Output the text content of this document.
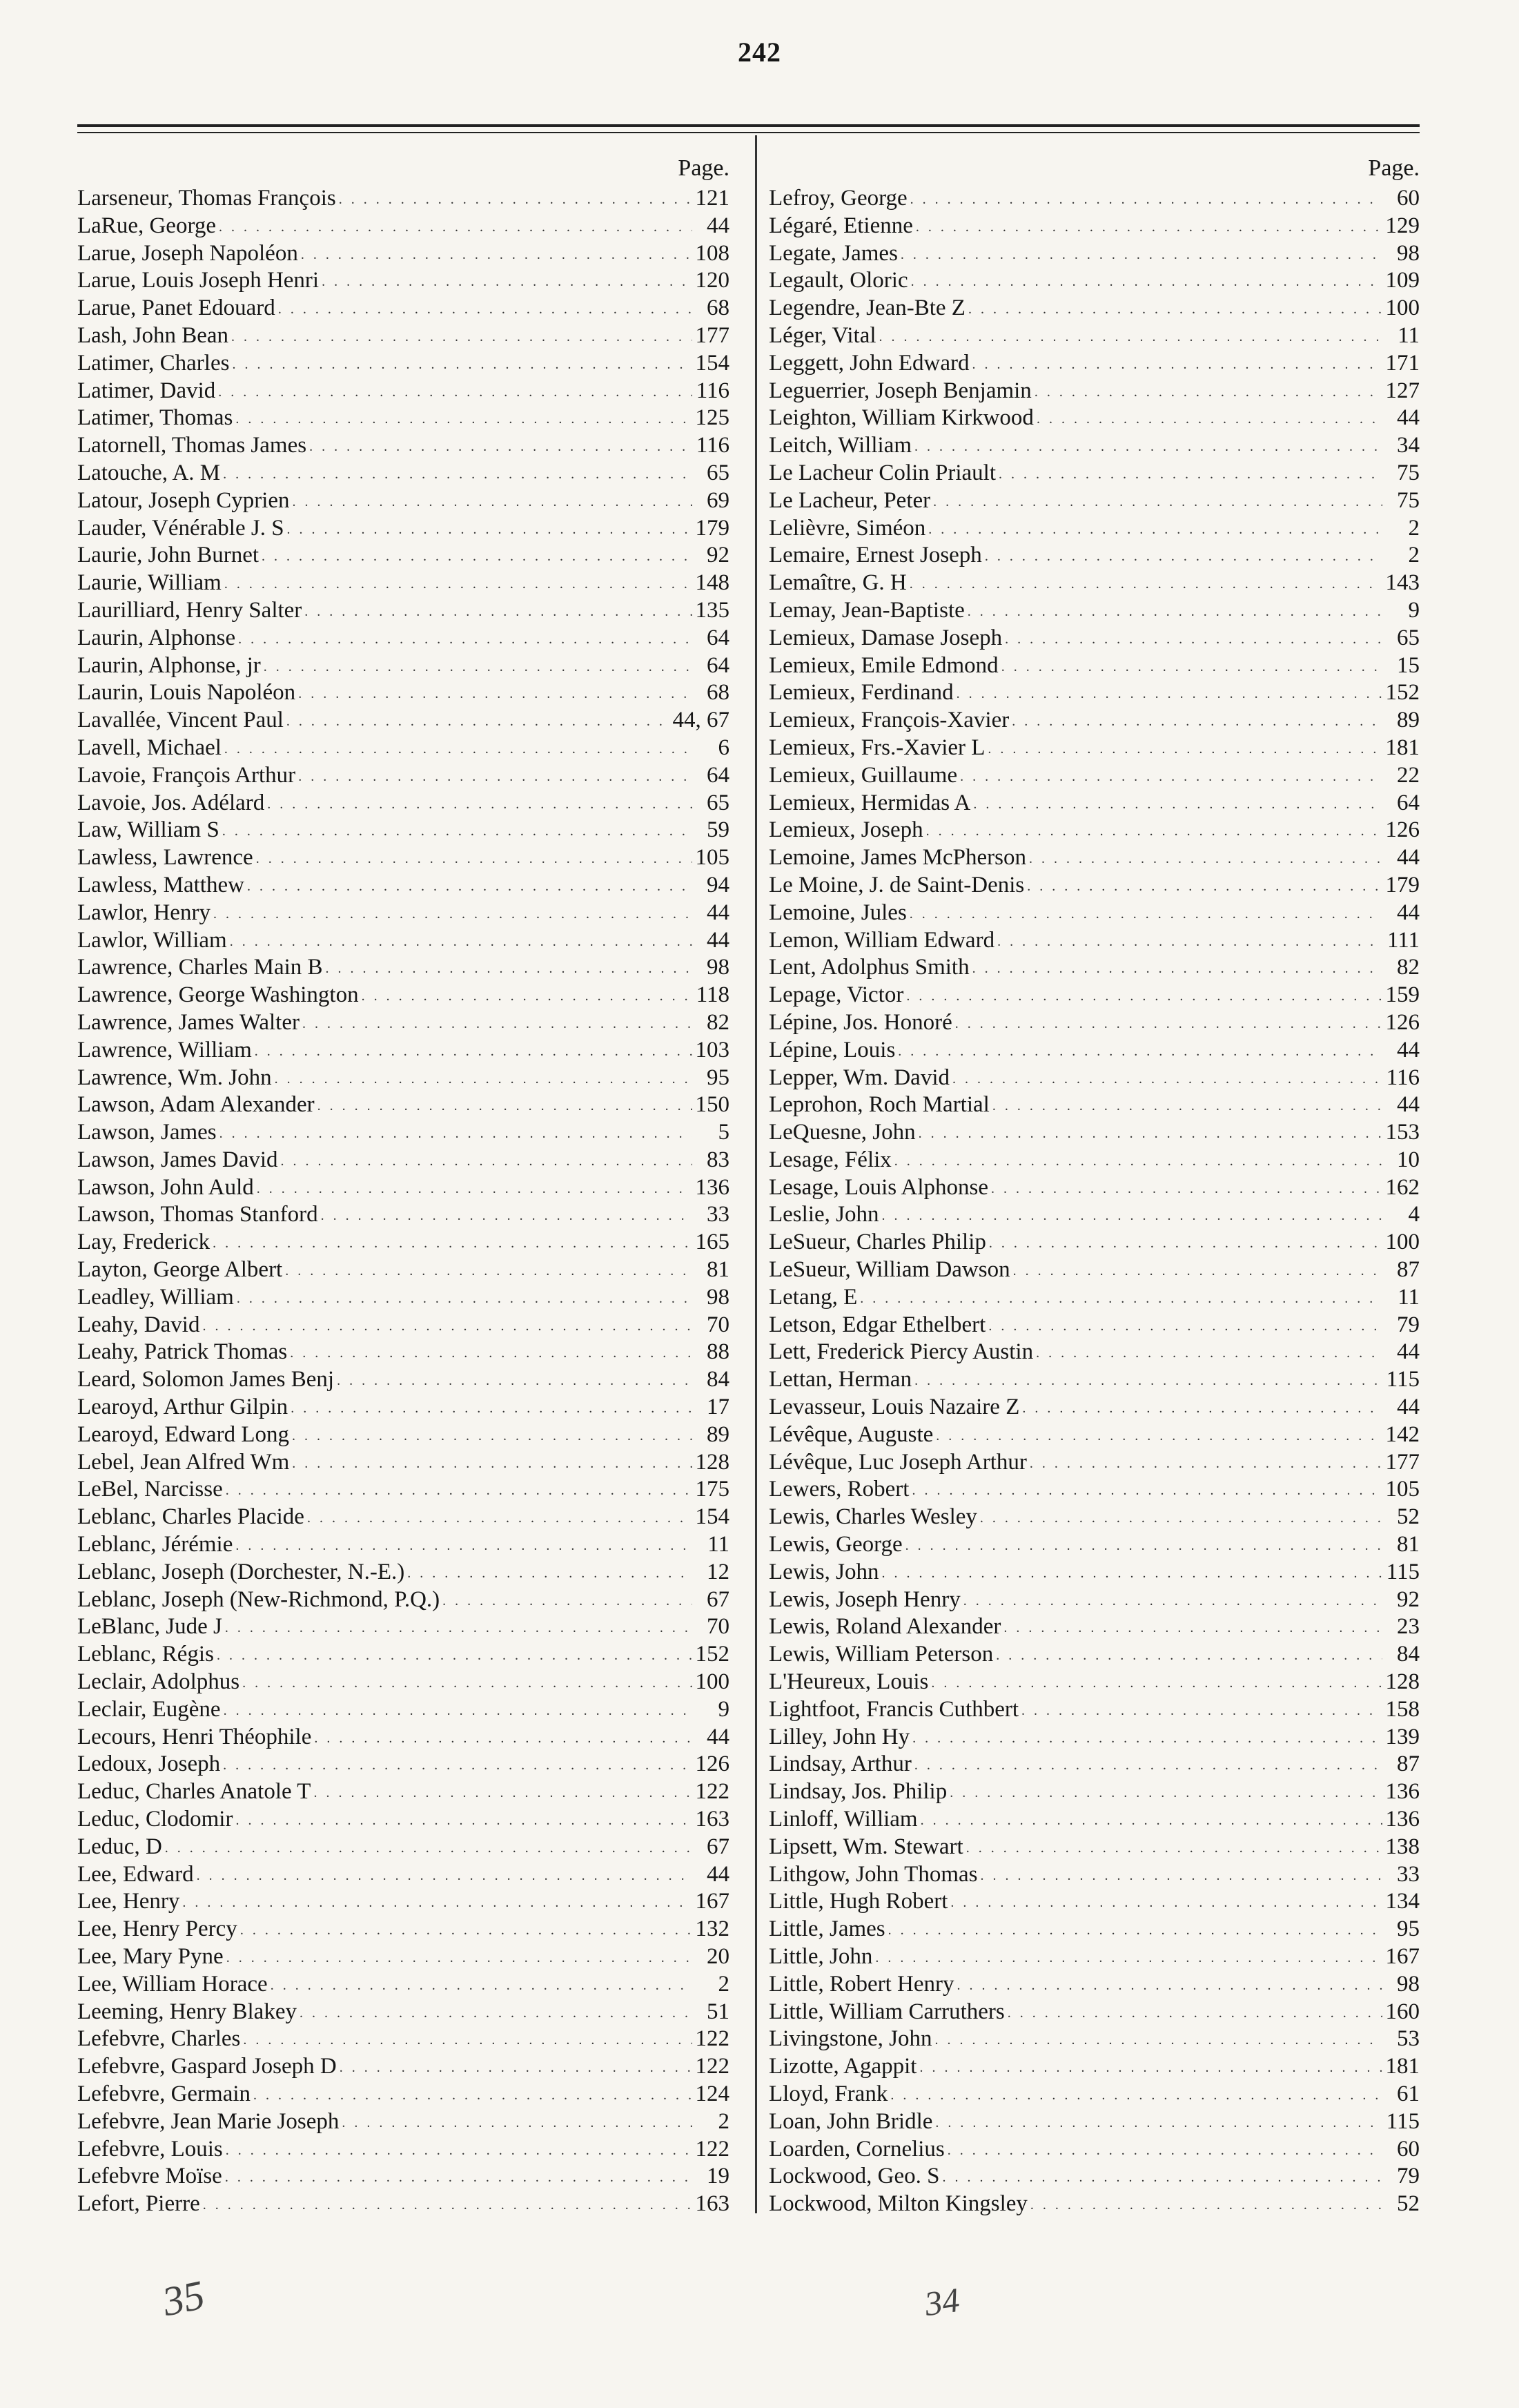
242
Page.
Larseneur, Thomas François . . .	121
LaRue, George . . .	44
Larue, Joseph Napoléon . . .	108
Larue, Louis Joseph Henri . . .	120
Larue, Panet Edouard . . .	68
Lash, John Bean . . .	177
Latimer, Charles . . .	154
Latimer, David . . .	116
Latimer, Thomas . . .	125
Latornell, Thomas James . . .	116
Latouche, A. M . . .	65
Latour, Joseph Cyprien . . .	69
Lauder, Vénérable J. S . . .	179
Laurie, John Burnet . . .	92
Laurie, William . . .	148
Laurilliard, Henry Salter . . .	135
Laurin, Alphonse . . .	64
Laurin, Alphonse, jr . . .	64
Laurin, Louis Napoléon . . .	68
Lavallée, Vincent Paul . . .	44, 67
Lavell, Michael . . .	6
Lavoie, François Arthur . . .	64
Lavoie, Jos. Adélard . . .	65
Law, William S . . .	59
Lawless, Lawrence . . .	105
Lawless, Matthew . . .	94
Lawlor, Henry . . .	44
Lawlor, William . . .	44
Lawrence, Charles Main B . . .	98
Lawrence, George Washington . . .	118
Lawrence, James Walter . . .	82
Lawrence, William . . .	103
Lawrence, Wm. John . . .	95
Lawson, Adam Alexander . . .	150
Lawson, James . . .	5
Lawson, James David . . .	83
Lawson, John Auld . . .	136
Lawson, Thomas Stanford . . .	33
Lay, Frederick . . .	165
Layton, George Albert . . .	81
Leadley, William . . .	98
Leahy, David . . .	70
Leahy, Patrick Thomas . . .	88
Leard, Solomon James Benj . . .	84
Learoyd, Arthur Gilpin . . .	17
Learoyd, Edward Long . . .	89
Lebel, Jean Alfred Wm . . .	128
LeBel, Narcisse . . .	175
Leblanc, Charles Placide . . .	154
Leblanc, Jérémie . . .	11
Leblanc, Joseph (Dorchester, N.-E.) . . .	12
Leblanc, Joseph (New-Richmond, P.Q.) . . .	67
LeBlanc, Jude J . . .	70
Leblanc, Régis . . .	152
Leclair, Adolphus . . .	100
Leclair, Eugène . . .	9
Lecours, Henri Théophile . . .	44
Ledoux, Joseph . . .	126
Leduc, Charles Anatole T . . .	122
Leduc, Clodomir . . .	163
Leduc, D . . .	67
Lee, Edward . . .	44
Lee, Henry . . .	167
Lee, Henry Percy . . .	132
Lee, Mary Pyne . . .	20
Lee, William Horace . . .	2
Leeming, Henry Blakey . . .	51
Lefebvre, Charles . . .	122
Lefebvre, Gaspard Joseph D . . .	122
Lefebvre, Germain . . .	124
Lefebvre, Jean Marie Joseph . . .	2
Lefebvre, Louis . . .	122
Lefebvre Moïse . . .	19
Lefort, Pierre . . .	163
Page.
Lefroy, George . . .	60
Légaré, Etienne . . .	129
Legate, James . . .	98
Legault, Oloric . . .	109
Legendre, Jean-Bte Z . . .	100
Léger, Vital . . .	11
Leggett, John Edward . . .	171
Leguerrier, Joseph Benjamin . . .	127
Leighton, William Kirkwood . . .	44
Leitch, William . . .	34
Le Lacheur Colin Priault . . .	75
Le Lacheur, Peter . . .	75
Lelièvre, Siméon . . .	2
Lemaire, Ernest Joseph . . .	2
Lemaître, G. H . . .	143
Lemay, Jean-Baptiste . . .	9
Lemieux, Damase Joseph . . .	65
Lemieux, Emile Edmond . . .	15
Lemieux, Ferdinand . . .	152
Lemieux, François-Xavier . . .	89
Lemieux, Frs.-Xavier L . . .	181
Lemieux, Guillaume . . .	22
Lemieux, Hermidas A . . .	64
Lemieux, Joseph . . .	126
Lemoine, James McPherson . . .	44
Le Moine, J. de Saint-Denis . . .	179
Lemoine, Jules . . .	44
Lemon, William Edward . . .	111
Lent, Adolphus Smith . . .	82
Lepage, Victor . . .	159
Lépine, Jos. Honoré . . .	126
Lépine, Louis . . .	44
Lepper, Wm. David . . .	116
Leprohon, Roch Martial . . .	44
LeQuesne, John . . .	153
Lesage, Félix . . .	10
Lesage, Louis Alphonse . . .	162
Leslie, John . . .	4
LeSueur, Charles Philip . . .	100
LeSueur, William Dawson . . .	87
Letang, E . . .	11
Letson, Edgar Ethelbert . . .	79
Lett, Frederick Piercy Austin . . .	44
Lettan, Herman . . .	115
Levasseur, Louis Nazaire Z . . .	44
Lévêque, Auguste . . .	142
Lévêque, Luc Joseph Arthur . . .	177
Lewers, Robert . . .	105
Lewis, Charles Wesley . . .	52
Lewis, George . . .	81
Lewis, John . . .	115
Lewis, Joseph Henry . . .	92
Lewis, Roland Alexander . . .	23
Lewis, William Peterson . . .	84
L'Heureux, Louis . . .	128
Lightfoot, Francis Cuthbert . . .	158
Lilley, John Hy . . .	139
Lindsay, Arthur . . .	87
Lindsay, Jos. Philip . . .	136
Linloff, William . . .	136
Lipsett, Wm. Stewart . . .	138
Lithgow, John Thomas . . .	33
Little, Hugh Robert . . .	134
Little, James . . .	95
Little, John . . .	167
Little, Robert Henry . . .	98
Little, William Carruthers . . .	160
Livingstone, John . . .	53
Lizotte, Agappit . . .	181
Lloyd, Frank . . .	61
Loan, John Bridle . . .	115
Loarden, Cornelius . . .	60
Lockwood, Geo. S . . .	79
Lockwood, Milton Kingsley . . .	52
35	34
